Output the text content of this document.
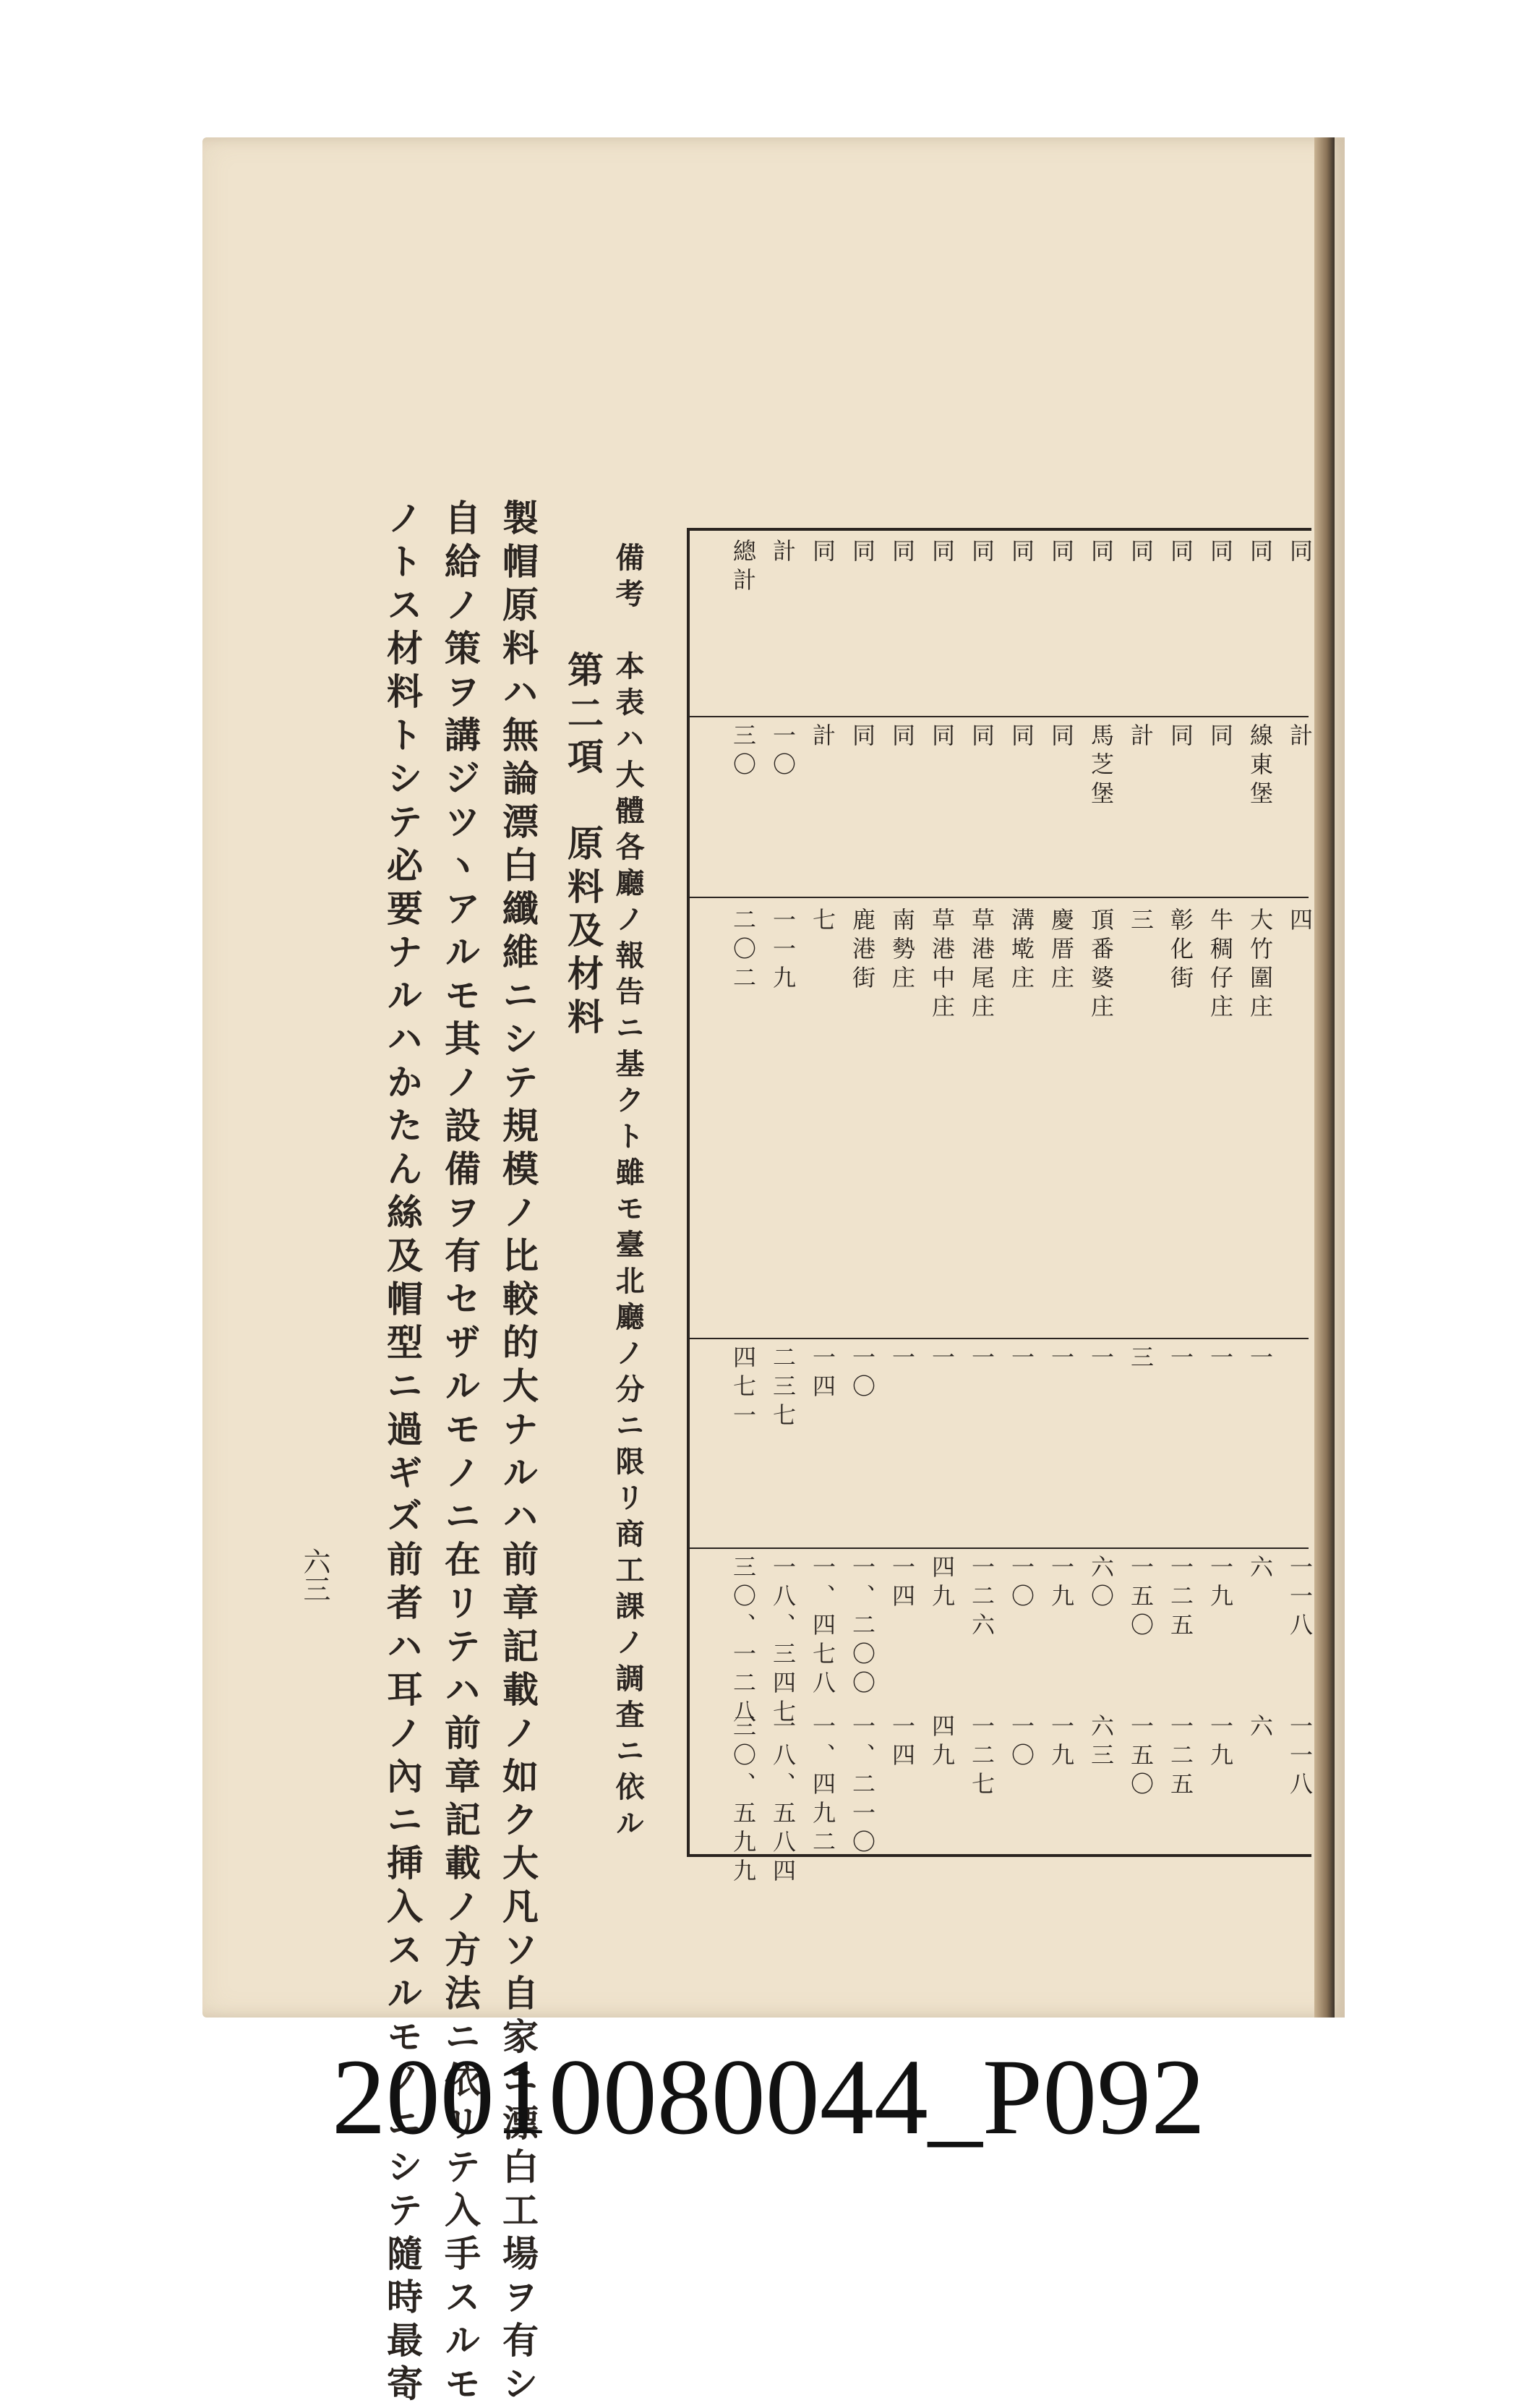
同
計
四
一一八
一一八
同
線東堡
大竹圍庄
一
六
六
同
同
牛稠仔庄
一
一九
一九
同
同
彰化街
一
一二五
一二五
同
計
三
三
一五〇
一五〇
同
馬芝堡
頂番婆庄
一
六〇
六三
同
同
慶厝庄
一
一九
一九
同
同
溝墘庄
一
一〇
一〇
同
同
草港尾庄
一
一二六
一二七
同
同
草港中庄
一
四九
四九
同
同
南勢庄
一
一四
一四
同
同
鹿港街
一〇
一、二〇〇
一、二一〇
同
計
七
一四
一、四七八
一、四九二
計
一〇
一一九
二三七
一八、三四七
一八、五八四
總計
三〇
二〇二
四七一
三〇、一二八
三〇、五九九
備考　本表ハ大體各廳ノ報告ニ基クト雖モ臺北廳ノ分ニ限リ商工課ノ調査ニ依ル
第二項　原料及材料
製帽原料ハ無論漂白纖維ニシテ規模ノ比較的大ナルハ前章記載ノ如ク大凡ソ自家ニ漂白工場ヲ有シ
自給ノ策ヲ講ジツヽアルモ其ノ設備ヲ有セザルモノニ在リテハ前章記載ノ方法ニ依リテ入手スルモ
ノトス材料トシテ必要ナルハかたん絲及帽型ニ過ギズ前者ハ耳ノ內ニ挿入スルモノニシテ隨時最寄
六三
20010080044_P092
